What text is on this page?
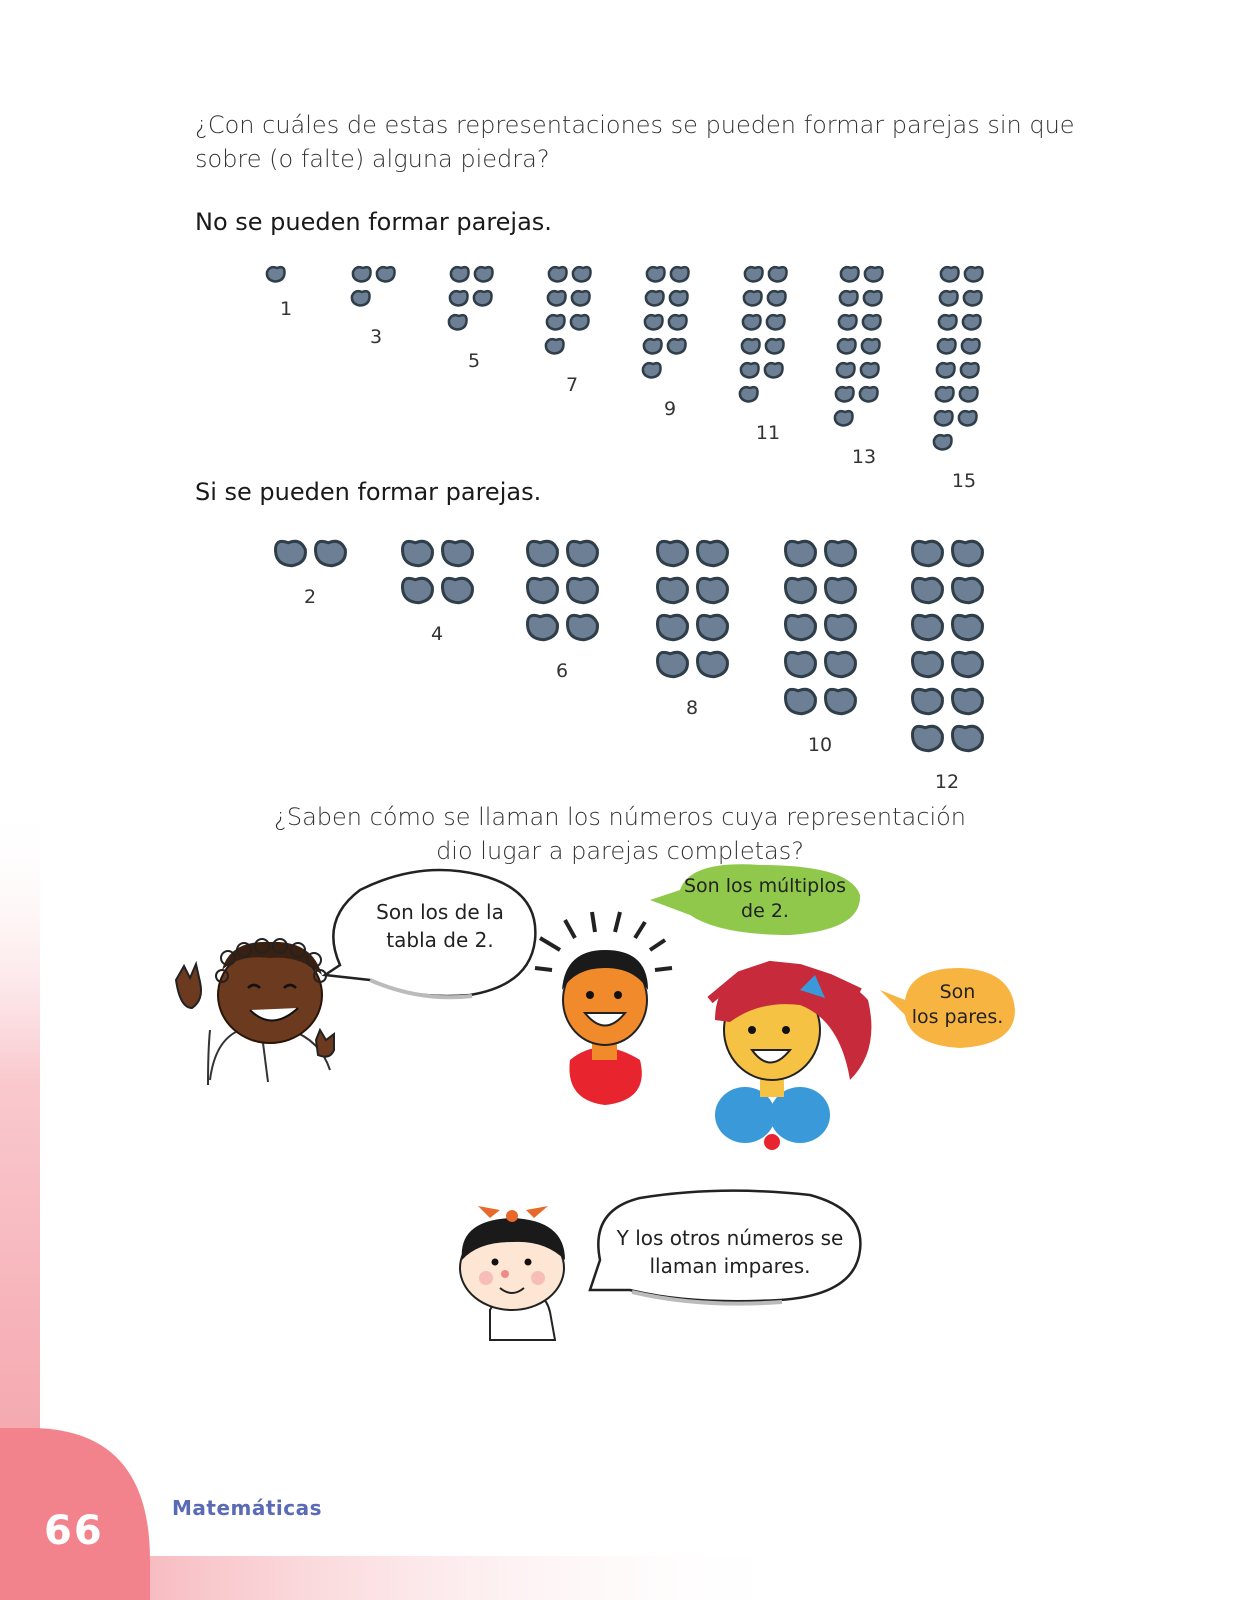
¿Con cuáles de estas representaciones se pueden formar parejas sin que sobre (o falte) alguna piedra?
No se pueden formar parejas.
Si se pueden formar parejas.
1
3
5
7
9
11
13
15
2
4
6
8
10
12
¿Saben cómo se llaman los números cuya representación
dio lugar a parejas completas?
Son los de la
tabla de 2.
Son los múltiplos
de 2.
Son
los pares.
Y los otros números se
llaman impares.
Matemáticas
66
